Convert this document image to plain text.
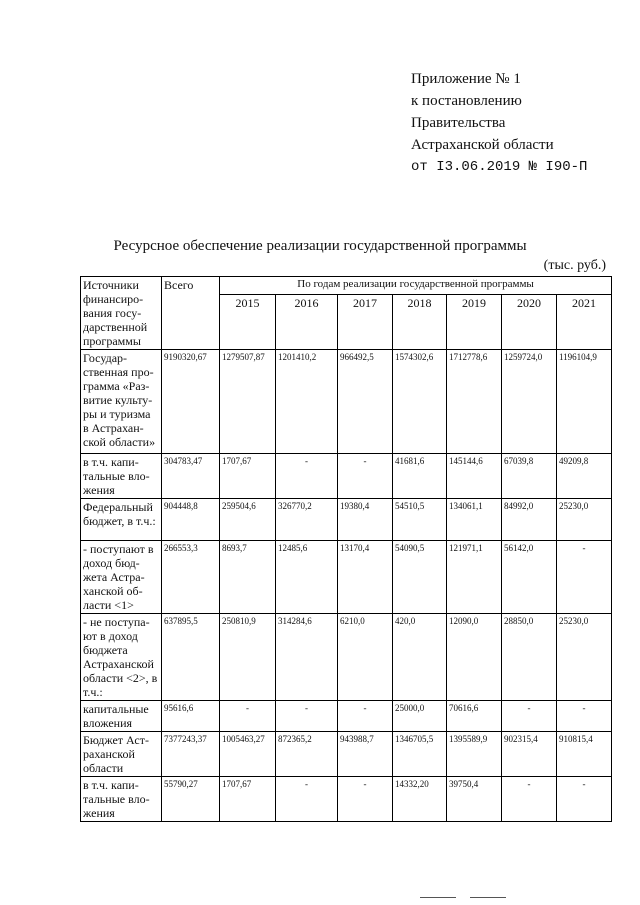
Приложение № 1
к постановлению
Правительства
Астраханской области
от I3.06.2019 № I90-П
Ресурсное обеспечение реализации государственной программы
(тыс. руб.)
Источники финансиро-вания госу-дарственной программы	Всего	По годам реализации государственной программы						
		2015	2016	2017	2018	2019	2020	2021
Государ-ственная про-грамма «Раз-витие культу-ры и туризма в Астрахан-ской области»	9190320,67	1279507,87	1201410,2	966492,5	1574302,6	1712778,6	1259724,0	1196104,9
в т.ч. капи-тальные вло-жения	304783,47	1707,67	-	-	41681,6	145144,6	67039,8	49209,8
Федеральный бюджет, в т.ч.:	904448,8	259504,6	326770,2	19380,4	54510,5	134061,1	84992,0	25230,0
- поступают в доход бюд-жета Астра-ханской об-ласти <1>	266553,3	8693,7	12485,6	13170,4	54090,5	121971,1	56142,0	-
- не поступа-ют в доход бюджета Астраханской области <2>, в т.ч.:	637895,5	250810,9	314284,6	6210,0	420,0	12090,0	28850,0	25230,0
капитальные вложения	95616,6	-	-	-	25000,0	70616,6	-	-
Бюджет Аст-раханской области	7377243,37	1005463,27	872365,2	943988,7	1346705,5	1395589,9	902315,4	910815,4
в т.ч. капи-тальные вло-жения	55790,27	1707,67	-	-	14332,20	39750,4	-	-
